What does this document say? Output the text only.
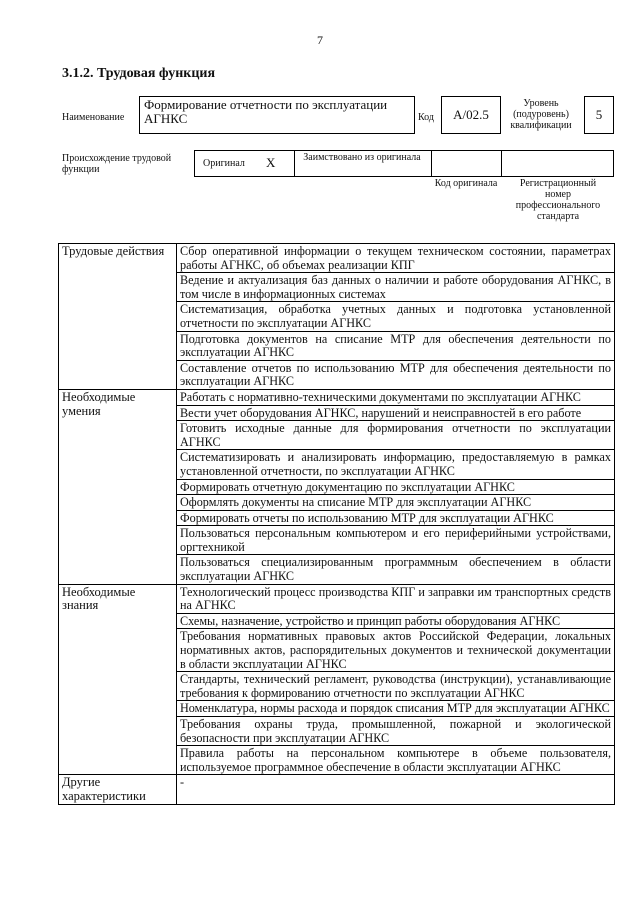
7
3.1.2. Трудовая функция
Наименование
Формирование отчетности по эксплуатации АГНКС	Код	А/02.5
Уровень (подуровень) квалификации
5
Происхождение трудовой функции
Оригинал Х	Заимствовано из оригинала
Код оригинала	Регистрационный номер профессионального стандарта
Трудовые действия	Сбор оперативной информации о текущем техническом состоянии, параметрах работы АГНКС, об объемах реализации КПГ
	Ведение и актуализация баз данных о наличии и работе оборудования АГНКС, в том числе в информационных системах
	Систематизация, обработка учетных данных и подготовка установленной отчетности по эксплуатации АГНКС
	Подготовка документов на списание МТР для обеспечения деятельности по эксплуатации АГНКС
	Составление отчетов по использованию МТР для обеспечения деятельности по эксплуатации АГНКС
Необходимые умения	Работать с нормативно-техническими документами по эксплуатации АГНКС
	Вести учет оборудования АГНКС, нарушений и неисправностей в его работе
	Готовить исходные данные для формирования отчетности по эксплуатации АГНКС
	Систематизировать и анализировать информацию, предоставляемую в рамках установленной отчетности, по эксплуатации АГНКС
	Формировать отчетную документацию по эксплуатации АГНКС
	Оформлять документы на списание МТР для эксплуатации АГНКС
	Формировать отчеты по использованию МТР для эксплуатации АГНКС
	Пользоваться персональным компьютером и его периферийными устройствами, оргтехникой
	Пользоваться специализированным программным обеспечением в области эксплуатации АГНКС
Необходимые знания	Технологический процесс производства КПГ и заправки им транспортных средств на АГНКС
	Схемы, назначение, устройство и принцип работы оборудования АГНКС
	Требования нормативных правовых актов Российской Федерации, локальных нормативных актов, распорядительных документов и технической документации в области эксплуатации АГНКС
	Стандарты, технический регламент, руководства (инструкции), устанавливающие требования к формированию отчетности по эксплуатации АГНКС
	Номенклатура, нормы расхода и порядок списания МТР для эксплуатации АГНКС
	Требования охраны труда, промышленной, пожарной и экологической безопасности при эксплуатации АГНКС
	Правила работы на персональном компьютере в объеме пользователя, используемое программное обеспечение в области эксплуатации АГНКС
Другие характеристики	-
